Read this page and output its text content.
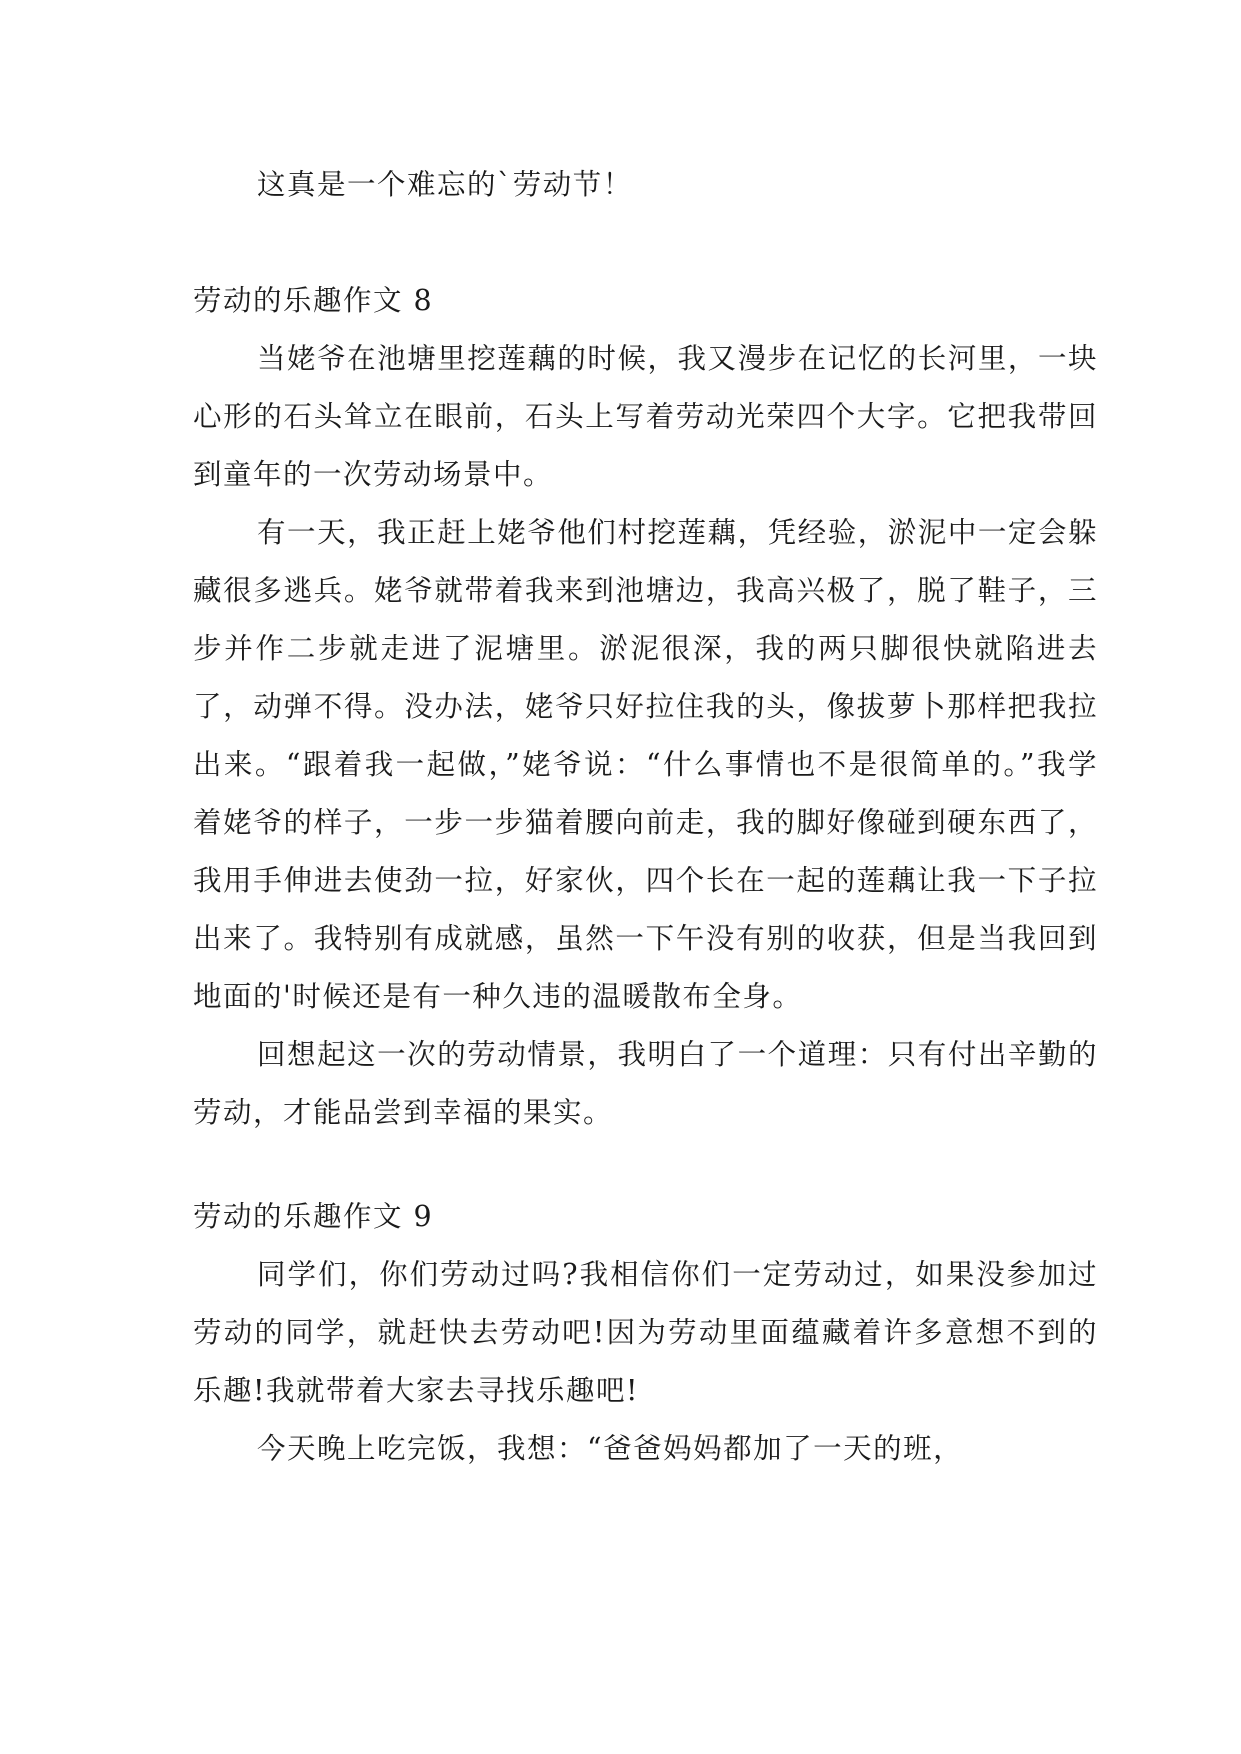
这真是一个难忘的`劳动节！

劳动的乐趣作文 8

当姥爷在池塘里挖莲藕的时候，我又漫步在记忆的长河里，一块心形的石头耸立在眼前，石头上写着劳动光荣四个大字。它把我带回到童年的一次劳动场景中。

有一天，我正赶上姥爷他们村挖莲藕，凭经验，淤泥中一定会躲藏很多逃兵。姥爷就带着我来到池塘边，我高兴极了，脱了鞋子，三步并作二步就走进了泥塘里。淤泥很深，我的两只脚很快就陷进去了，动弹不得。没办法，姥爷只好拉住我的头，像拔萝卜那样把我拉出来。“跟着我一起做，”姥爷说：“什么事情也不是很简单的。”我学着姥爷的样子，一步一步猫着腰向前走，我的脚好像碰到硬东西了，我用手伸进去使劲一拉，好家伙，四个长在一起的莲藕让我一下子拉出来了。我特别有成就感，虽然一下午没有别的收获，但是当我回到地面的'时候还是有一种久违的温暖散布全身。

回想起这一次的劳动情景，我明白了一个道理：只有付出辛勤的劳动，才能品尝到幸福的果实。

劳动的乐趣作文 9

同学们，你们劳动过吗?我相信你们一定劳动过，如果没参加过劳动的同学，就赶快去劳动吧!因为劳动里面蕴藏着许多意想不到的乐趣!我就带着大家去寻找乐趣吧!

今天晚上吃完饭，我想：“爸爸妈妈都加了一天的班，
